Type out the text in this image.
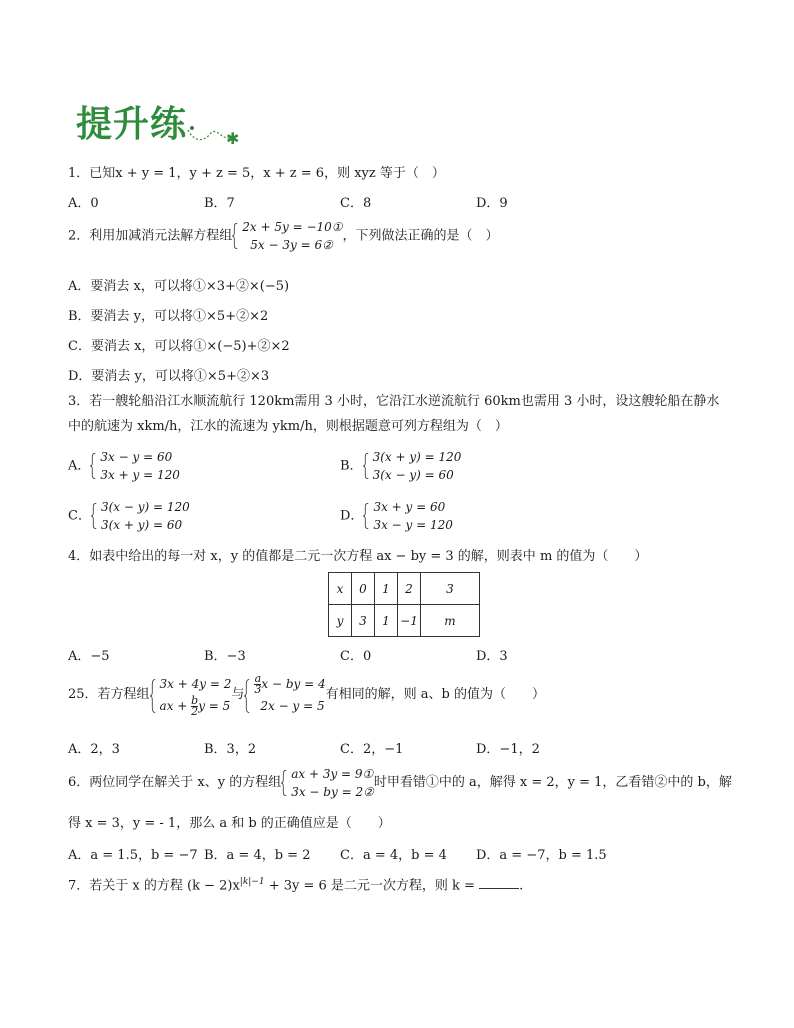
提升练 ✱
1．已知x + y = 1，y + z = 5，x + z = 6，则 xyz 等于（　）
A．0	B．7	C．8	D．9
2．利用加减消元法解方程组
2x + 5y = −10①
5x − 3y = 6②
，下列做法正确的是（　）
A．要消去 x，可以将①×3+②×(−5)
B．要消去 y，可以将①×5+②×2
C．要消去 x，可以将①×(−5)+②×2
D．要消去 y，可以将①×5+②×3
3．若一艘轮船沿江水顺流航行 120km需用 3 小时，它沿江水逆流航行 60km也需用 3 小时，设这艘轮船在静水
中的航速为 xkm/h，江水的流速为 ykm/h，则根据题意可列方程组为（　）
A．
3x − y = 60
3x + y = 120
B．
3(x + y) = 120
3(x − y) = 60
C．
3(x − y) = 120
3(x + y) = 60
D．
3x + y = 60
3x − y = 120
4．如表中给出的每一对 x，y 的值都是二元一次方程 ax − by = 3 的解，则表中 m 的值为（　　）
x	0	1	2	3
y	3	1	−1	m
A．−5	B．−3	C．0	D．3
25．若方程组
3x + 4y = 2
ax + $\frac{b}{2}$ y = 5
与 $\frac{a}{3}$ x − by = 4
2x − y = 5
有相同的解，则 a、b 的值为（　　）
A．2，3	B．3，2	C．2，−1	D．−1，2
6．两位同学在解关于 x、y 的方程组
ax + 3y = 9①
3x − by = 2②
时甲看错①中的 a，解得 x = 2，y = 1，乙看错②中的 b，解
得 x = 3，y = - 1，那么 a 和 b 的正确值应是（　　）
A．a = 1.5，b = −7 B．a = 4，b = 2 C．a = 4，b = 4 D．a = −7，b = 1.5
7．若关于 x 的方程 $(k - 2)x^{|k|-1} + 3y = 6$ 是二元一次方程，则 k =	.
